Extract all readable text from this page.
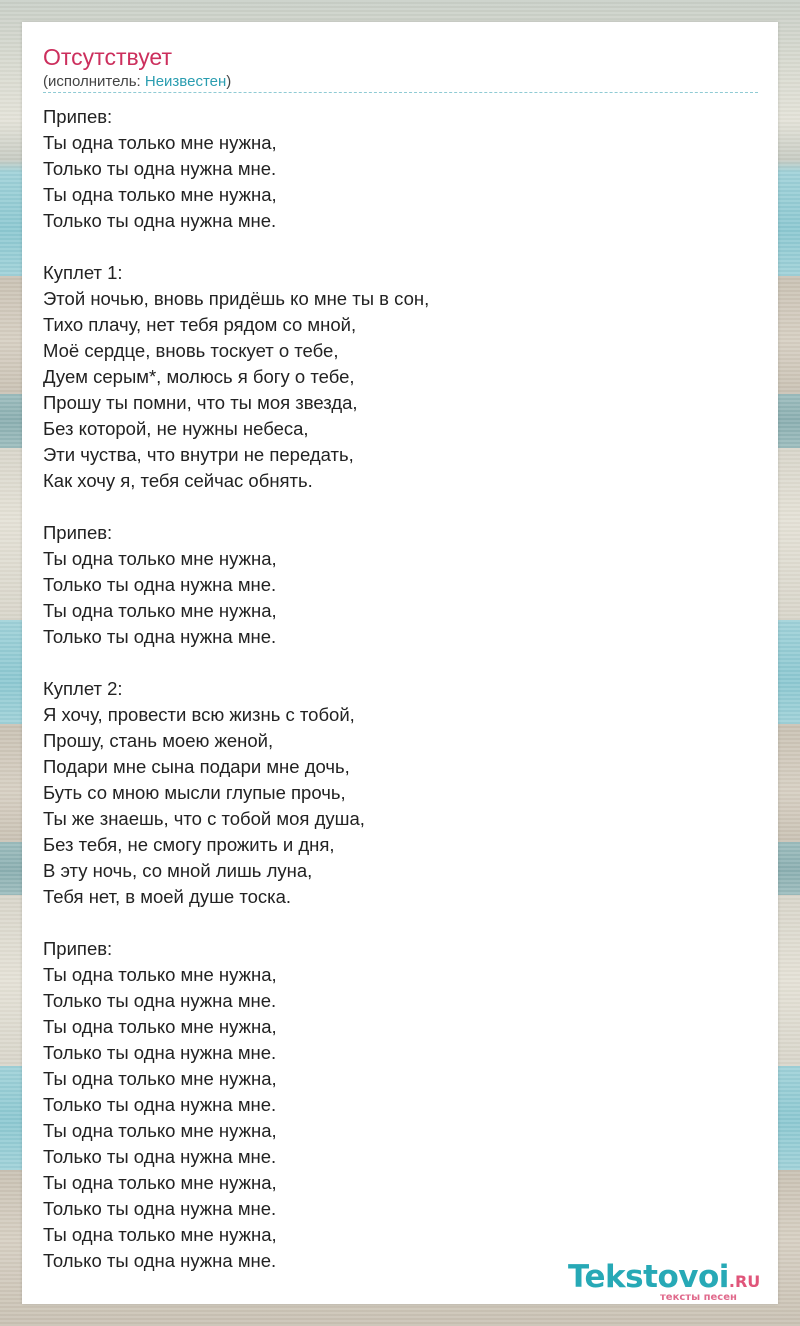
Отсутствует
(исполнитель: Неизвестен)
Припев:
Ты одна только мне нужна,
Только ты одна нужна мне.
Ты одна только мне нужна,
Только ты одна нужна мне.
Куплет 1:
Этой ночью, вновь придёшь ко мне ты в сон,
Тихо плачу, нет тебя рядом со мной,
Моё сердце, вновь тоскует о тебе,
Дуем серым*, молюсь я богу о тебе,
Прошу ты помни, что ты моя звезда,
Без которой, не нужны небеса,
Эти чуства, что внутри не передать,
Как хочу я, тебя сейчас обнять.
Припев:
Ты одна только мне нужна,
Только ты одна нужна мне.
Ты одна только мне нужна,
Только ты одна нужна мне.
Куплет 2:
Я хочу, провести всю жизнь с тобой,
Прошу, стань моею женой,
Подари мне сына подари мне дочь,
Буть со мною мысли глупые прочь,
Ты же знаешь, что с тобой моя душа,
Без тебя, не смогу прожить и дня,
В эту ночь, со мной лишь луна,
Тебя нет, в моей душе тоска.
Припев:
Ты одна только мне нужна,
Только ты одна нужна мне.
Ты одна только мне нужна,
Только ты одна нужна мне.
Ты одна только мне нужна,
Только ты одна нужна мне.
Ты одна только мне нужна,
Только ты одна нужна мне.
Ты одна только мне нужна,
Только ты одна нужна мне.
Ты одна только мне нужна,
Только ты одна нужна мне.	Tekstovoi.RU
тексты песен
